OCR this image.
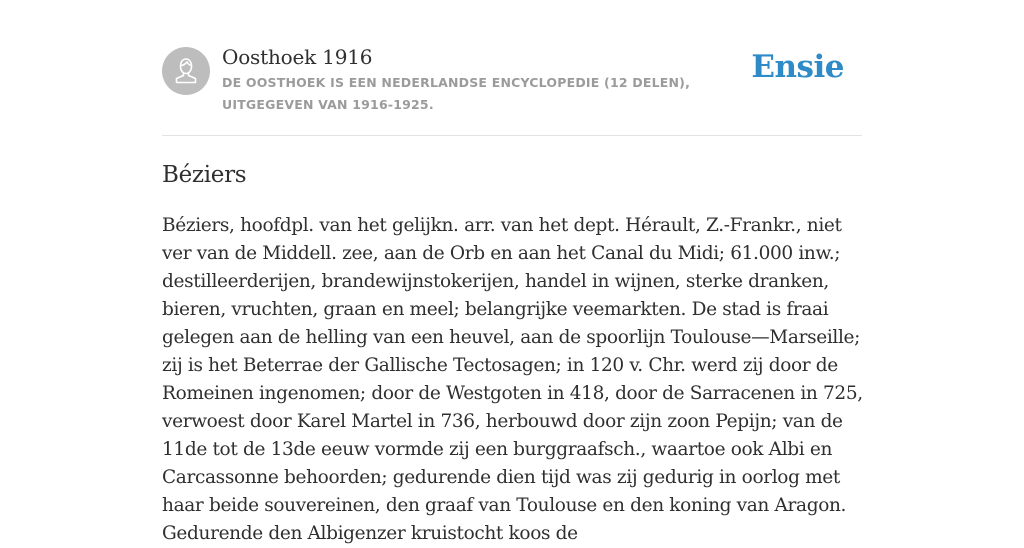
Oosthoek 1916
DE OOSTHOEK IS EEN NEDERLANDSE ENCYCLOPEDIE (12 DELEN), UITGEGEVEN VAN 1916-1925.
Ensie
Béziers

Béziers, hoofdpl. van het gelijkn. arr. van het dept. Hérault, Z.-Frankr., niet ver van de Middell. zee, aan de Orb en aan het Canal du Midi; 61.000 inw.; destilleerderijen, brandewijnstokerijen, handel in wijnen, sterke dranken, bieren, vruchten, graan en meel; belangrijke veemarkten. De stad is fraai gelegen aan de helling van een heuvel, aan de spoorlijn Toulouse—Marseille; zij is het Beterrae der Gallische Tectosagen; in 120 v. Chr. werd zij door de Romeinen ingenomen; door de Westgoten in 418, door de Sarracenen in 725, verwoest door Karel Martel in 736, herbouwd door zijn zoon Pepijn; van de 11de tot de 13de eeuw vormde zij een burggraafsch., waartoe ook Albi en Carcassonne behoorden; gedurende dien tijd was zij gedurig in oorlog met haar beide souvereinen, den graaf van Toulouse en den koning van Aragon. Gedurende den Albigenzer kruistocht koos de
